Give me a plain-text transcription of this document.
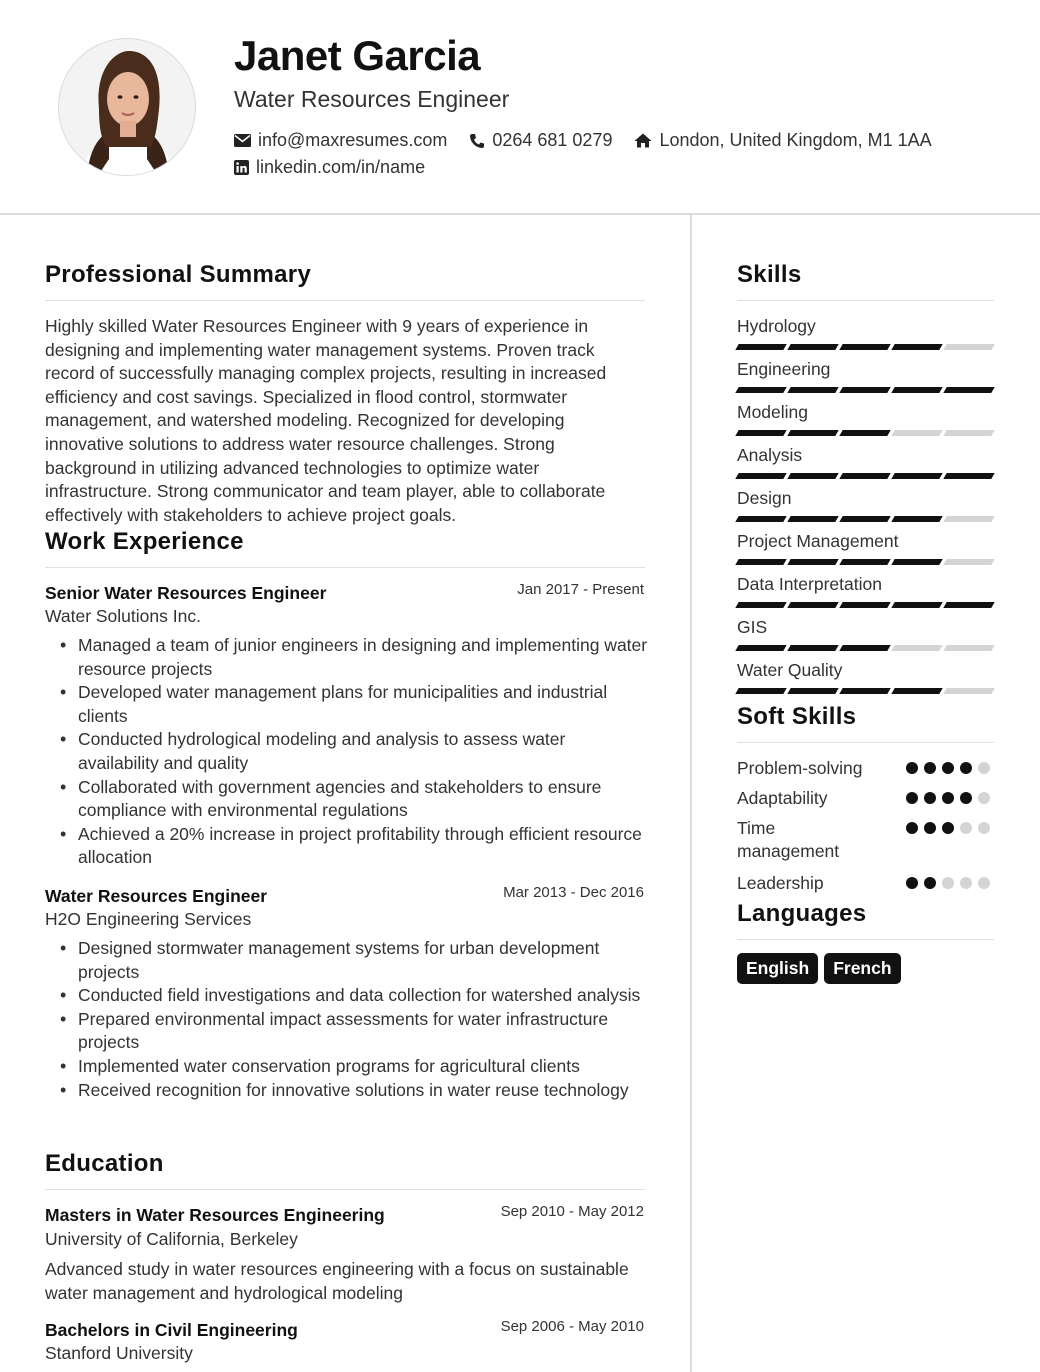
Janet Garcia
Water Resources Engineer
info@maxresumes.com	0264 681 0279	London, United Kingdom, M1 1AA
linkedin.com/in/name
Professional Summary
Highly skilled Water Resources Engineer with 9 years of experience in designing and implementing water management systems. Proven track record of successfully managing complex projects, resulting in increased efficiency and cost savings. Specialized in flood control, stormwater management, and watershed modeling. Recognized for developing innovative solutions to address water resource challenges. Strong background in utilizing advanced technologies to optimize water infrastructure. Strong communicator and team player, able to collaborate effectively with stakeholders to achieve project goals.
Work Experience
Senior Water Resources Engineer	Jan 2017 - Present
Water Solutions Inc.
• Managed a team of junior engineers in designing and implementing water resource projects
• Developed water management plans for municipalities and industrial clients
• Conducted hydrological modeling and analysis to assess water availability and quality
• Collaborated with government agencies and stakeholders to ensure compliance with environmental regulations
• Achieved a 20% increase in project profitability through efficient resource allocation
Water Resources Engineer	Mar 2013 - Dec 2016
H2O Engineering Services
• Designed stormwater management systems for urban development projects
• Conducted field investigations and data collection for watershed analysis
• Prepared environmental impact assessments for water infrastructure projects
• Implemented water conservation programs for agricultural clients
• Received recognition for innovative solutions in water reuse technology
Education
Masters in Water Resources Engineering	Sep 2010 - May 2012
University of California, Berkeley
Advanced study in water resources engineering with a focus on sustainable water management and hydrological modeling
Bachelors in Civil Engineering	Sep 2006 - May 2010
Stanford University
Skills
Hydrology
Engineering
Modeling
Analysis
Design
Project Management
Data Interpretation
GIS
Water Quality
Soft Skills
Problem-solving
Adaptability
Time management
Leadership
Languages
English	French
